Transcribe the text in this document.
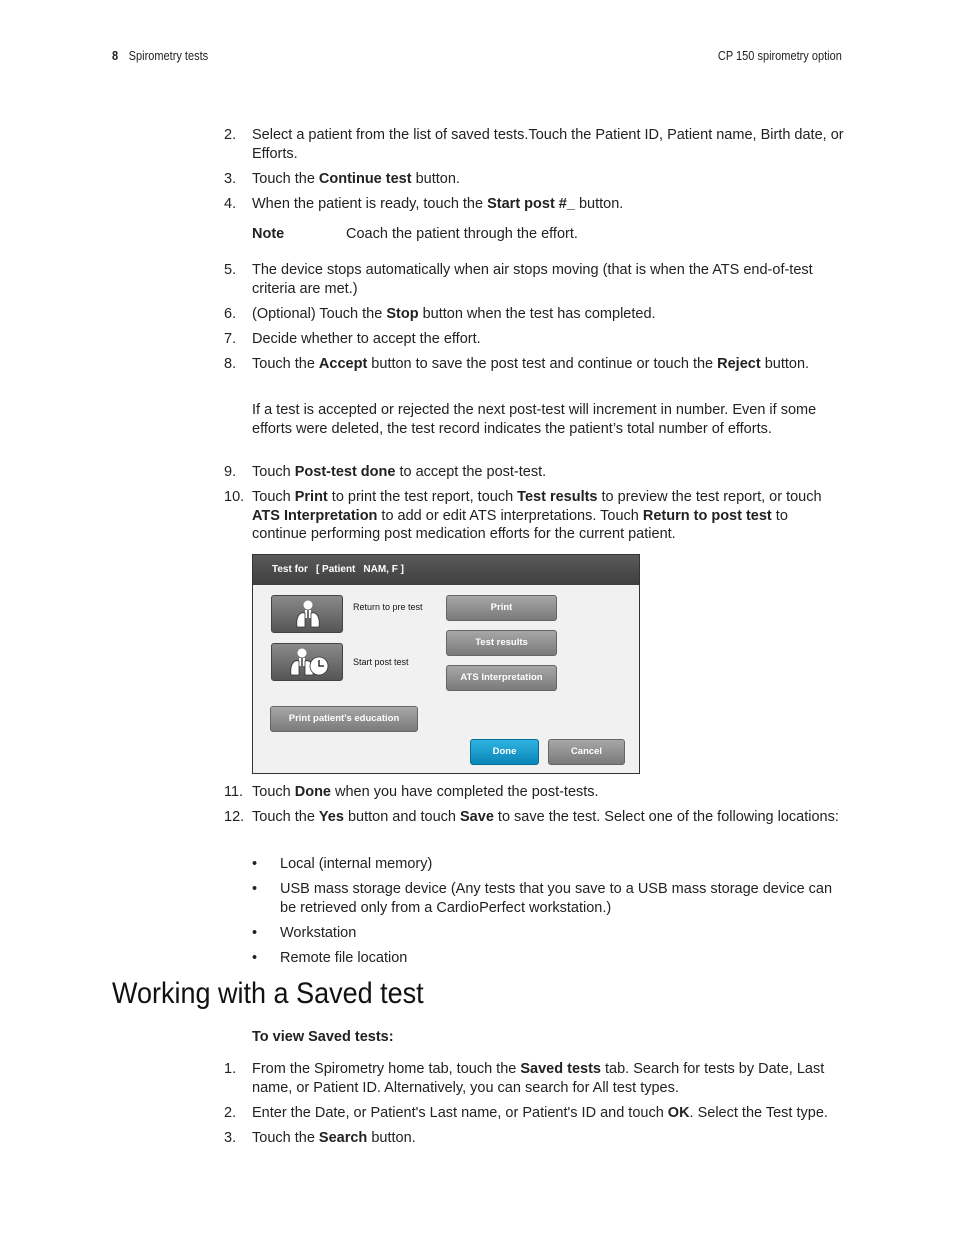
8 Spirometry tests	CP 150 spirometry option
2. Select a patient from the list of saved tests.Touch the Patient ID, Patient name, Birth date, or Efforts.
3. Touch the Continue test button.
4. When the patient is ready, touch the Start post #_ button.
Note	Coach the patient through the effort.
5. The device stops automatically when air stops moving (that is when the ATS end-of-test criteria are met.)
6. (Optional) Touch the Stop button when the test has completed.
7. Decide whether to accept the effort.
8. Touch the Accept button to save the post test and continue or touch the Reject button.
If a test is accepted or rejected the next post-test will increment in number. Even if some efforts were deleted, the test record indicates the patient’s total number of efforts.
9. Touch Post-test done to accept the post-test.
10. Touch Print to print the test report, touch Test results to preview the test report, or touch ATS Interpretation to add or edit ATS interpretations. Touch Return to post test to continue performing post medication efforts for the current patient.
Test for [ Patient NAM, F ]
Return to pre test
Start post test
Print
Test results
ATS Interpretation
Print patient’s education
Done	Cancel
11. Touch Done when you have completed the post-tests.
12. Touch the Yes button and touch Save to save the test. Select one of the following locations:
• Local (internal memory)
• USB mass storage device (Any tests that you save to a USB mass storage device can be retrieved only from a CardioPerfect workstation.)
• Workstation
• Remote file location
Working with a Saved test
To view Saved tests:
1. From the Spirometry home tab, touch the Saved tests tab. Search for tests by Date, Last name, or Patient ID. Alternatively, you can search for All test types.
2. Enter the Date, or Patient's Last name, or Patient's ID and touch OK. Select the Test type.
3. Touch the Search button.
